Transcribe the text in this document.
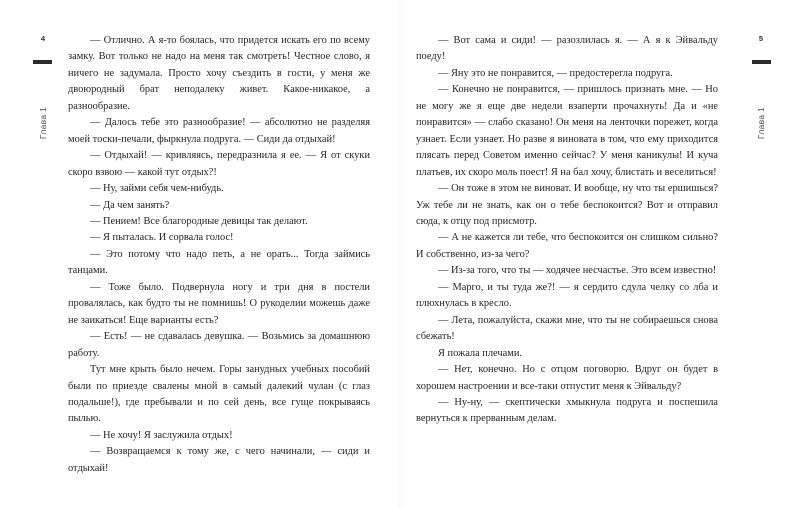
4
Глава 1

— Отлично. А я-то боялась, что придется искать его по всему замку. Вот только не надо на меня так смотреть! Честное слово, я ничего не задумала. Просто хочу съездить в гости, у меня же двоюродный брат неподалеку живет. Какое-никакое, а разнообразие.

— Далось тебе это разнообразие! — абсолютно не разделяя моей тоски-печали, фыркнула подруга. — Сиди да отдыхай!

— Отдыхай! — кривляясь, передразнила я ее. — Я от скуки скоро взвою — какой тут отдых?!

— Ну, займи себя чем-нибудь.

— Да чем занять?

— Пением! Все благородные девицы так делают.

— Я пыталась. И сорвала голос!

— Это потому что надо петь, а не орать... Тогда займись танцами.

— Тоже было. Подвернула ногу и три дня в постели провалялась, как будто ты не помнишь! О рукоделии можешь даже не заикаться! Еще варианты есть?

— Есть! — не сдавалась девушка. — Возьмись за домашнюю работу.

Тут мне крыть было нечем. Горы занудных учебных пособий были по приезде свалены мной в самый далекий чулан (с глаз подальше!), где пребывали и по сей день, все гуще покрываясь пылью.

— Не хочу! Я заслужила отдых!

— Возвращаемся к тому же, с чего начинали, — сиди и отдыхай!

5
Глава 1

— Вот сама и сиди! — разозлилась я. — А я к Эйвальду поеду!

— Яну это не понравится, — предостерегла подруга.

— Конечно не понравится, — пришлось признать мне. — Но не могу же я еще две недели взаперти прочахнуть! Да и «не понравится» — слабо сказано! Он меня на ленточки порежет, когда узнает. Если узнает. Но разве я виновата в том, что ему приходится плясать перед Советом именно сейчас? У меня каникулы! И куча платьев, их скоро моль поест! Я на бал хочу, блистать и веселиться!

— Он тоже в этом не виноват. И вообще, ну что ты ершишься? Уж тебе ли не знать, как он о тебе беспокоится? Вот и отправил сюда, к отцу под присмотр.

— А не кажется ли тебе, что беспокоится он слишком сильно? И собственно, из-за чего?

— Из-за того, что ты — ходячее несчастье. Это всем известно!

— Марго, и ты туда же?! — я сердито сдула челку со лба и плюхнулась в кресло.

— Лета, пожалуйста, скажи мне, что ты не собираешься снова сбежать!

Я пожала плечами.

— Нет, конечно. Но с отцом поговорю. Вдруг он будет в хорошем настроении и все-таки отпустит меня к Эйвальду?

— Ну-ну, — скептически хмыкнула подруга и поспешила вернуться к прерванным делам.
